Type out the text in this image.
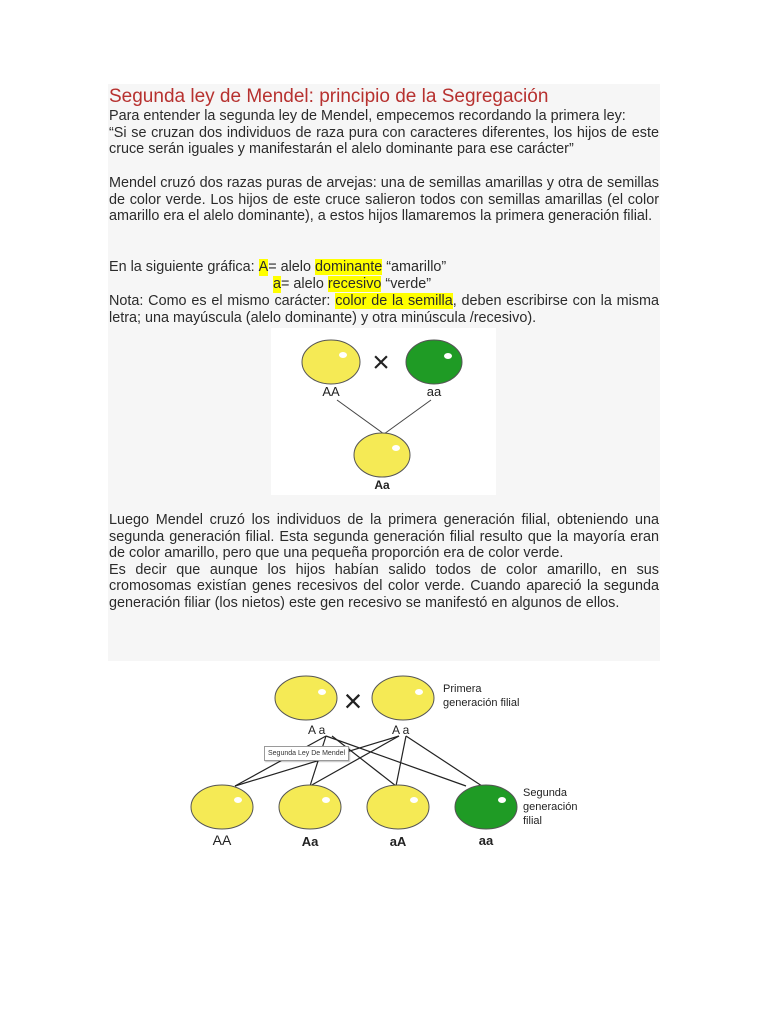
Segunda ley de Mendel: principio de la Segregación

Para entender la segunda ley de Mendel, empecemos recordando la primera ley:

“Si se cruzan dos individuos de raza pura con caracteres diferentes, los hijos de este cruce serán iguales y manifestarán el alelo dominante para ese carácter”

Mendel cruzó dos razas puras de arvejas: una de semillas amarillas y otra de semillas de color verde. Los hijos de este cruce salieron todos con semillas amarillas (el color amarillo era el alelo dominante), a estos hijos llamaremos la primera generación filial.

En la siguiente gráfica: A= alelo dominante “amarillo”
a= alelo recesivo “verde”
Nota: Como es el mismo carácter: color de la semilla, deben escribirse con la misma letra; una mayúscula (alelo dominante) y otra minúscula /recesivo).
×
AA	aa
Aa

Luego Mendel cruzó los individuos de la primera generación filial, obteniendo una segunda generación filial. Esta segunda generación filial resulto que la mayoría eran de color amarillo, pero que una pequeña proporción era de color verde.

Es decir que aunque los hijos habían salido todos de color amarillo, en sus cromosomas existían genes recesivos del color verde. Cuando apareció la segunda generación filiar (los nietos) este gen recesivo se manifestó en algunos de ellos.

×	Primera
generación filial
A a	A a
Segunda
generación
filial
AA	Aa	aA	aa
Segunda Ley De Mendel
